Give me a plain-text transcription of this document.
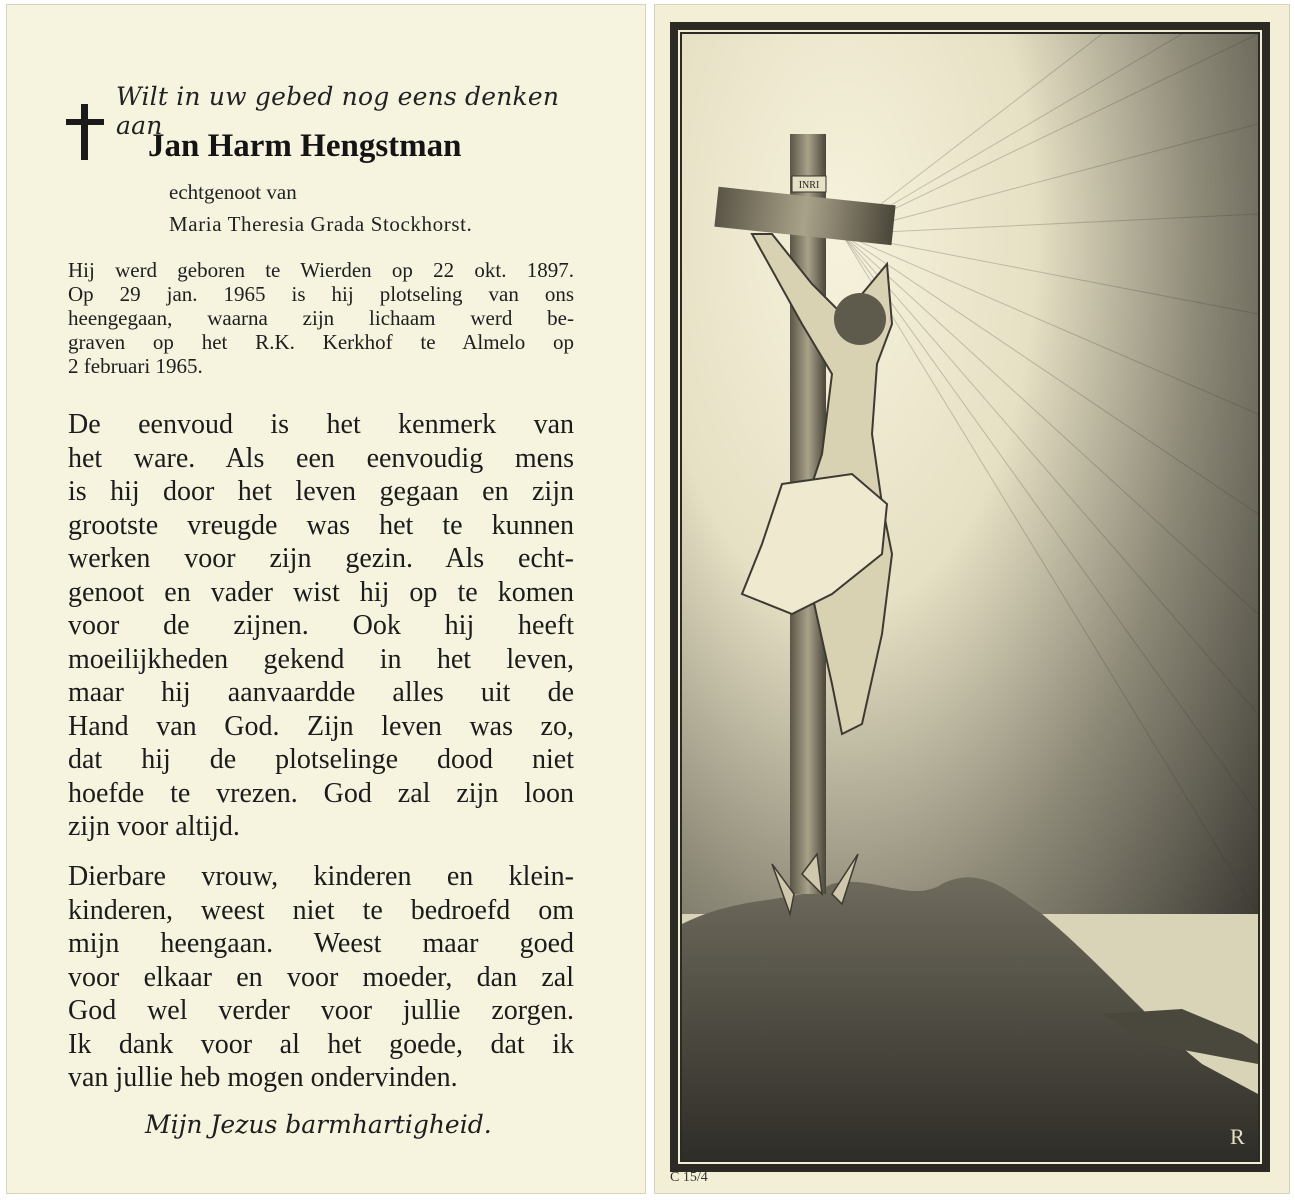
Wilt in uw gebed nog eens denken aan
Jan Harm Hengstman
echtgenoot van
Maria Theresia Grada Stockhorst.
Hij werd geboren te Wierden op 22 okt. 1897.
Op 29 jan. 1965 is hij plotseling van ons
heengegaan, waarna zijn lichaam werd be-
graven op het R.K. Kerkhof te Almelo op
2 februari 1965.
De eenvoud is het kenmerk van
het ware. Als een eenvoudig mens
is hij door het leven gegaan en zijn
grootste vreugde was het te kunnen
werken voor zijn gezin. Als echt-
genoot en vader wist hij op te komen
voor de zijnen. Ook hij heeft
moeilijkheden gekend in het leven,
maar hij aanvaardde alles uit de
Hand van God. Zijn leven was zo,
dat hij de plotselinge dood niet
hoefde te vrezen. God zal zijn loon
zijn voor altijd.
Dierbare vrouw, kinderen en klein-
kinderen, weest niet te bedroefd om
mijn heengaan. Weest maar goed
voor elkaar en voor moeder, dan zal
God wel verder voor jullie zorgen.
Ik dank voor al het goede, dat ik
van jullie heb mogen ondervinden.
Mijn Jezus barmhartigheid.
INRI
R
C 15/4
